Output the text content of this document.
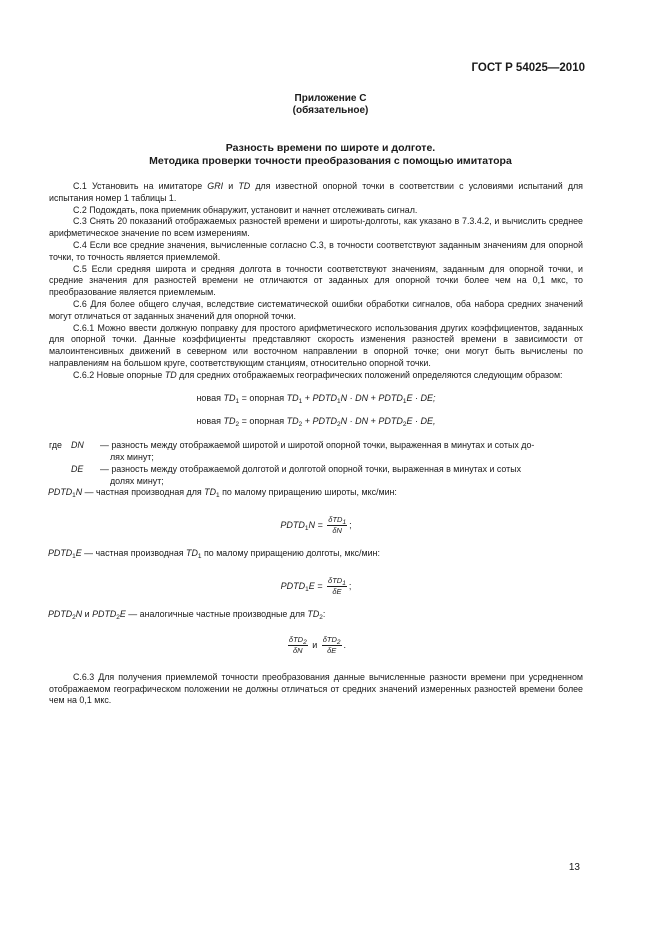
ГОСТ Р 54025—2010
Приложение С
(обязательное)
Разность времени по широте и долготе.
Методика проверки точности преобразования с помощью имитатора

С.1 Установить на имитаторе GRI и TD для известной опорной точки в соответствии с условиями испытаний для испытания номер 1 таблицы 1.

С.2 Подождать, пока приемник обнаружит, установит и начнет отслеживать сигнал.

С.3 Снять 20 показаний отображаемых разностей времени и широты-долготы, как указано в 7.3.4.2, и вычислить среднее арифметическое значение по всем измерениям.

С.4 Если все средние значения, вычисленные согласно С.3, в точности соответствуют заданным значениям для опорной точки, то точность является приемлемой.

С.5 Если средняя широта и средняя долгота в точности соответствуют значениям, заданным для опорной точки, и средние значения для разностей времени не отличаются от заданных для опорной точки более чем на 0,1 мкс, то преобразование является приемлемым.

С.6 Для более общего случая, вследствие систематической ошибки обработки сигналов, оба набора средних значений могут отличаться от заданных значений для опорной точки.

С.6.1 Можно ввести должную поправку для простого арифметического использования других коэффициентов, заданных для опорной точки. Данные коэффициенты представляют скорость изменения разностей времени в зависимости от малоинтенсивных движений в северном или восточном направлении в опорной точке; они могут быть вычислены по направлениям на большом круге, соответствующим станциям, относительно опорной точки.

С.6.2 Новые опорные TD для средних отображаемых географических положений определяются следующим образом:

новая $TD_1$ = опорная $TD_1$ + $PDTD_1N$ · DN + $PDTD_1E$ · DE;
новая $TD_2$ = опорная $TD_2$ + $PDTD_2N$ · DN + $PDTD_2E$ · DE,
где DN	— разность между отображаемой широтой и широтой опорной точки, выраженная в минутах и сотых до-
лях минут;
DE	— разность между отображаемой долготой и долготой опорной точки, выраженная в минутах и сотых
долях минут;
$PDTD_1N$ — частная производная для $TD_1$ по малому приращению широты, мкс/мин:
$PDTD_1N = \frac{\delta TD_1}{\delta N}$ ;
$PDTD_1E$ — частная производная $TD_1$ по малому приращению долготы, мкс/мин:
$PDTD_1E = \frac{\delta TD_1}{\delta E}$ ;
$PDTD_2N$ и $PDTD_2E$ — аналогичные частные производные для $TD_2$:
$\frac{\delta TD_2}{\delta N}$ и $\frac{\delta TD_2}{\delta E}$ .

С.6.3 Для получения приемлемой точности преобразования данные вычисленные разности времени при усредненном отображаемом географическом положении не должны отличаться от средних значений измеренных разностей времени более чем на 0,1 мкс.

13
